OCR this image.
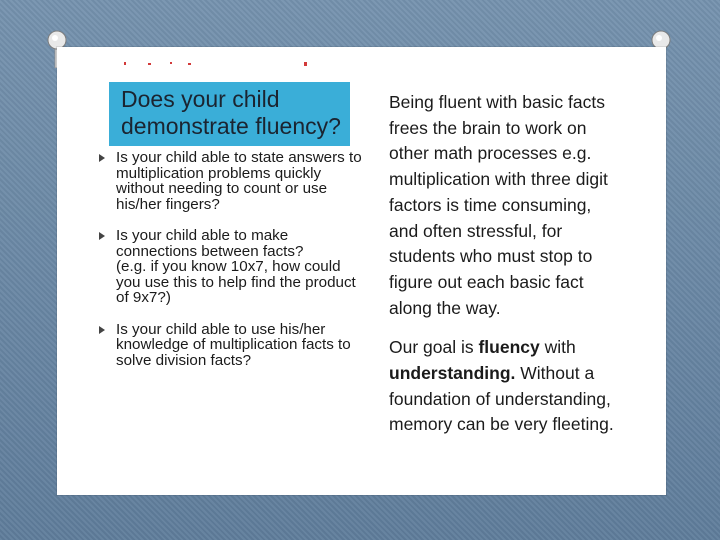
Does your child demonstrate fluency?

Is your child able to state answers to multiplication problems quickly without needing to count or use his/her fingers?

Is your child able to make connections between facts?

(e.g. if you know 10x7, how could you use this to help find the product of 9x7?)

Is your child able to use his/her knowledge of multiplication facts to solve division facts?

Being fluent with basic facts frees the brain to work on other math processes e.g. multiplication with three digit factors is time consuming, and often stressful, for students who must stop to figure out each basic fact along the way.

Our goal is fluency with understanding. Without a foundation of understanding, memory can be very fleeting.
